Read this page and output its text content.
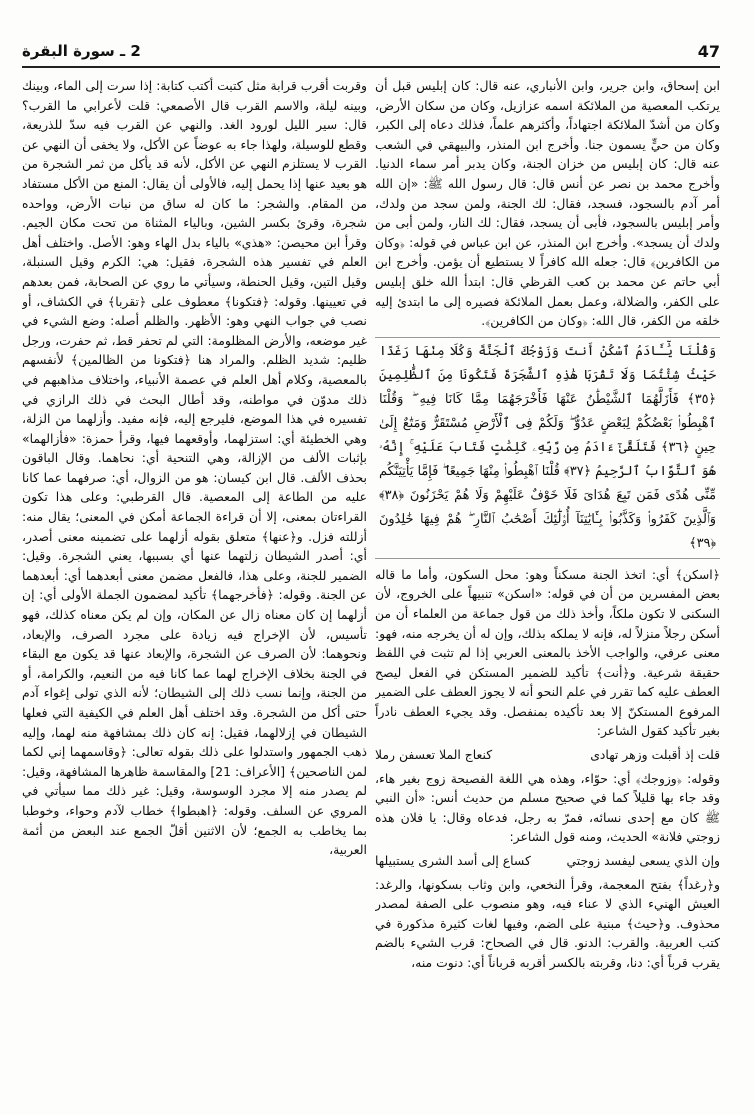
47
2 ـ سورة البقرة

ابن إسحاق، وابن جرير، وابن الأنباري، عنه قال: كان إبليس قبل أن يرتكب المعصية من الملائكة اسمه عزازيل، وكان من سكان الأرض، وكان من أشدّ الملائكة اجتهاداً، وأكثرهم علماً، فذلك دعاه إلى الكبر، وكان من حيٍّ يسمون جنا. وأخرج ابن المنذر، والبيهقي في الشعب عنه قال: كان إبليس من خزان الجنة، وكان يدبر أمر سماء الدنيا. وأخرج محمد بن نصر عن أنس قال: قال رسول الله ﷺ: «إن الله أمر آدم بالسجود، فسجد، فقال: لك الجنة، ولمن سجد من ولدك، وأمر إبليس بالسجود، فأبى أن يسجد، فقال: لك النار، ولمن أبى من ولدك أن يسجد». وأخرج ابن المنذر، عن ابن عباس في قوله: ﴿وكان من الكافرين﴾ قال: جعله الله كافراً لا يستطيع أن يؤمن. وأخرج ابن أبي حاتم عن محمد بن كعب القرظي قال: ابتدأ الله خلق إبليس على الكفر، والضلالة، وعمل بعمل الملائكة فصيره إلى ما ابتدئ إليه خلقه من الكفر، قال الله: ﴿وكان من الكافرين﴾.

وَقُلْنَا يَٰٓـَٔادَمُ ٱسْكُنْ أَنتَ وَزَوْجُكَ ٱلْجَنَّةَ وَكُلَا مِنْهَا رَغَدًا حَيْثُ شِئْتُمَا وَلَا تَقْرَبَا هَٰذِهِ ٱلشَّجَرَةَ فَتَكُونَا مِنَ ٱلظَّٰلِمِينَ ﴿٣٥﴾ فَأَزَلَّهُمَا ٱلشَّيْطَٰنُ عَنْهَا فَأَخْرَجَهُمَا مِمَّا كَانَا فِيهِ ۖ وَقُلْنَا ٱهْبِطُوا۟ بَعْضُكُمْ لِبَعْضٍ عَدُوٌّ ۖ وَلَكُمْ فِى ٱلْأَرْضِ مُسْتَقَرٌّ وَمَتَٰعٌ إِلَىٰ حِينٍ ﴿٣٦﴾ فَتَلَقَّىٰٓ ءَادَمُ مِن رَّبِّهِۦ كَلِمَٰتٍ فَتَابَ عَلَيْهِ ۚ إِنَّهُۥ هُوَ ٱلتَّوَّابُ ٱلرَّحِيمُ ﴿٣٧﴾ قُلْنَا ٱهْبِطُوا۟ مِنْهَا جَمِيعًا ۖ فَإِمَّا يَأْتِيَنَّكُم مِّنِّى هُدًى فَمَن تَبِعَ هُدَاىَ فَلَا خَوْفٌ عَلَيْهِمْ وَلَا هُمْ يَحْزَنُونَ ﴿٣٨﴾ وَٱلَّذِينَ كَفَرُوا۟ وَكَذَّبُوا۟ بِـَٔايَٰتِنَآ أُو۟لَٰٓئِكَ أَصْحَٰبُ ٱلنَّارِ ۖ هُمْ فِيهَا خَٰلِدُونَ ﴿٣٩﴾

﴿اسكن﴾ أي: اتخذ الجنة مسكناً وهو: محل السكون، وأما ما قاله بعض المفسرين من أن في قوله: «اسكن» تنبيهاً على الخروج، لأن السكنى لا تكون ملكاً، وأخذ ذلك من قول جماعة من العلماء أن من أسكن رجلاً منزلاً له، فإنه لا يملكه بذلك، وإن له أن يخرجه منه، فهو: معنى عرفي، والواجب الأخذ بالمعنى العربي إذا لم تثبت في اللفظ حقيقة شرعية. و﴿أنت﴾ تأكيد للضمير المستكن في الفعل ليصح العطف عليه كما تقرر في علم النحو أنه لا يجوز العطف على الضمير المرفوع المستكنّ إلا بعد تأكيده بمنفصل. وقد يجيء العطف نادراً بغير تأكيد كقول الشاعر:

قلت إذ أقبلت وزهر تهادى
كنعاج الملا تعسفن رملا

وقوله: ﴿وزوجك﴾ أي: حوّاء، وهذه هي اللغة الفصيحة زوج بغير هاء، وقد جاء بها قليلاً كما في صحيح مسلم من حديث أنس: «أن النبي ﷺ كان مع إحدى نسائه، فمرّ به رجل، فدعاه وقال: يا فلان هذه زوجتي فلانة» الحديث، ومنه قول الشاعر:

وإن الذي يسعى ليفسد زوجتي
كساع إلى أسد الشرى يستبيلها

و﴿رغداً﴾ بفتح المعجمة، وقرأ النخعي، وابن وثاب بسكونها، والرغد: العيش الهنيء الذي لا عناء فيه، وهو منصوب على الصفة لمصدر محذوف. و﴿حيث﴾ مبنية على الضم، وفيها لغات كثيرة مذكورة في كتب العربية. والقرب: الدنو. قال في الصحاح: قرب الشيء بالضم يقرب قرباً أي: دنا، وقربته بالكسر أقربه قرباناً أي: دنوت منه،

وقربت أقرب قرابة مثل كتبت أكتب كتابة: إذا سرت إلى الماء، وبينك وبينه ليلة، والاسم القرب قال الأصمعي: قلت لأعرابي ما القرب؟ قال: سير الليل لورود الغد. والنهي عن القرب فيه سدّ للذريعة، وقطع للوسيلة، ولهذا جاء به عوضاً عن الأكل، ولا يخفى أن النهي عن القرب لا يستلزم النهي عن الأكل، لأنه قد يأكل من ثمر الشجرة من هو بعيد عنها إذا يحمل إليه، فالأولى أن يقال: المنع من الأكل مستفاد من المقام. والشجر: ما كان له ساق من نبات الأرض، وواحده شجرة، وقرئ بكسر الشين، وبالياء المثناة من تحت مكان الجيم. وقرأ ابن محيصن: «هذي» بالياء بدل الهاء وهو: الأصل. واختلف أهل العلم في تفسير هذه الشجرة، فقيل: هي: الكرم وقيل السنبلة، وقيل التين، وقيل الحنطة، وسيأتي ما روي عن الصحابة، فمن بعدهم في تعيينها. وقوله: ﴿فتكونا﴾ معطوف على ﴿تقربا﴾ في الكشاف، أو نصب في جواب النهي وهو: الأظهر. والظلم أصله: وضع الشيء في غير موضعه، والأرض المظلومة: التي لم تحفر قط، ثم حفرت، ورجل ظليم: شديد الظلم. والمراد هنا ﴿فتكونا من الظالمين﴾ لأنفسهم بالمعصية، وكلام أهل العلم في عصمة الأنبياء، واختلاف مذاهبهم في ذلك مدوّن في مواطنه، وقد أطال البحث في ذلك الرازي في تفسيره في هذا الموضع، فليرجع إليه، فإنه مفيد. وأزلهما من الزلة، وهي الخطيئة أي: استزلهما، وأوقعهما فيها، وقرأ حمزة: «فأزالهما» بإثبات الألف من الإزالة، وهي التنحية أي: نحاهما. وقال الباقون بحذف الألف. قال ابن كيسان: هو من الزوال، أي: صرفهما عما كانا عليه من الطاعة إلى المعصية. قال القرطبي: وعلى هذا تكون القراءتان بمعنى، إلا أن قراءة الجماعة أمكن في المعنى؛ يقال منه: أزللته فزل. و﴿عنها﴾ متعلق بقوله أزلهما على تضمينه معنى أصدر، أي: أصدر الشيطان زلتهما عنها أي بسببها، يعني الشجرة. وقيل: الضمير للجنة، وعلى هذا، فالفعل مضمن معنى أبعدهما أي: أبعدهما عن الجنة. وقوله: ﴿فأخرجهما﴾ تأكيد لمضمون الجملة الأولى أي: إن أزلهما إن كان معناه زال عن المكان، وإن لم يكن معناه كذلك، فهو تأسيس، لأن الإخراج فيه زيادة على مجرد الصرف، والإبعاد، ونحوهما: لأن الصرف عن الشجرة، والإبعاد عنها قد يكون مع البقاء في الجنة بخلاف الإخراج لهما عما كانا فيه من النعيم، والكرامة، أو من الجنة، وإنما نسب ذلك إلى الشيطان؛ لأنه الذي تولى إغواء آدم حتى أكل من الشجرة. وقد اختلف أهل العلم في الكيفية التي فعلها الشيطان في إزلالهما، فقيل: إنه كان ذلك بمشافهة منه لهما، وإليه ذهب الجمهور واستدلوا على ذلك بقوله تعالى: ﴿وقاسمهما إني لكما لمن الناصحين﴾ [الأعراف: 21] والمقاسمة ظاهرها المشافهة، وقيل: لم يصدر منه إلا مجرد الوسوسة، وقيل: غير ذلك مما سيأتي في المروي عن السلف. وقوله: ﴿اهبطوا﴾ خطاب لآدم وحواء، وخوطبا بما يخاطب به الجمع؛ لأن الاثنين أقلّ الجمع عند البعض من أئمة العربية،
